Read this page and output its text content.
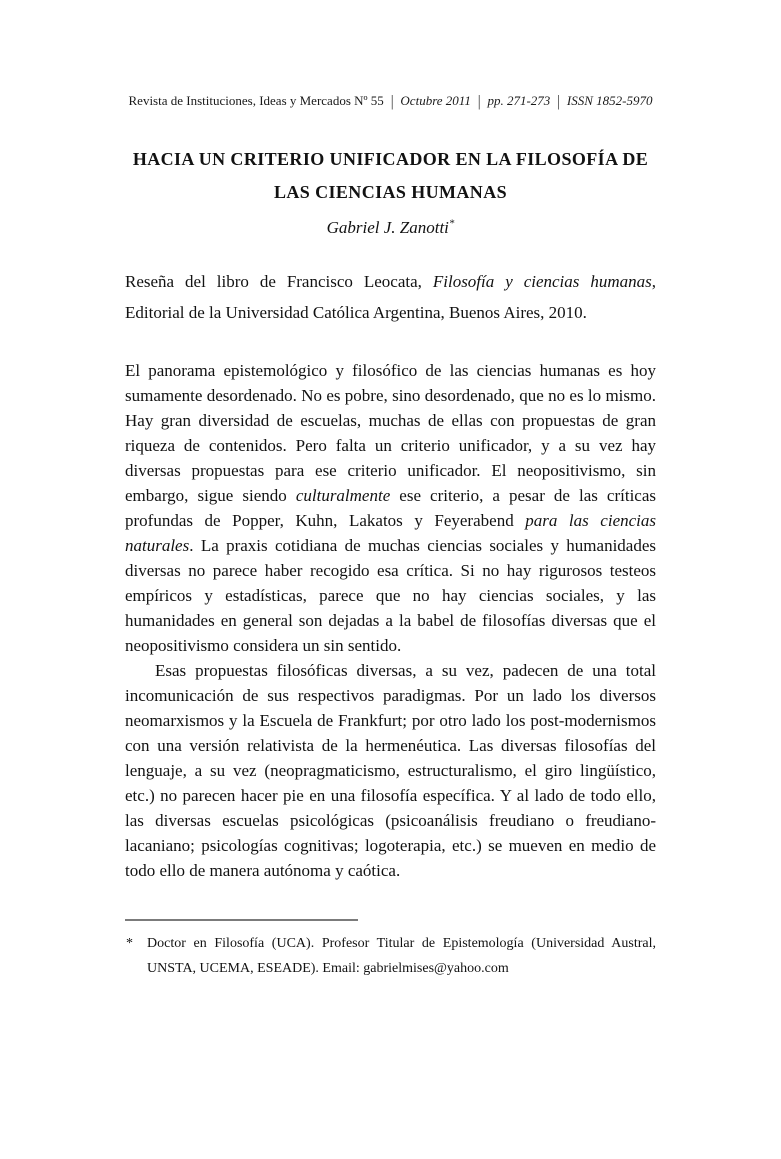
Revista de Instituciones, Ideas y Mercados Nº 55 | Octubre 2011 | pp. 271-273 | ISSN 1852-5970
HACIA UN CRITERIO UNIFICADOR EN LA FILOSOFÍA DE
LAS CIENCIAS HUMANAS
Gabriel J. Zanotti*

Reseña del libro de Francisco Leocata, Filosofía y ciencias humanas, Editorial de la Universidad Católica Argentina, Buenos Aires, 2010.

El panorama epistemológico y filosófico de las ciencias humanas es hoy sumamente desordenado. No es pobre, sino desordenado, que no es lo mismo. Hay gran diversidad de escuelas, muchas de ellas con propuestas de gran riqueza de contenidos. Pero falta un criterio unificador, y a su vez hay diversas propuestas para ese criterio unificador. El neopositivismo, sin embargo, sigue siendo culturalmente ese criterio, a pesar de las críticas profundas de Popper, Kuhn, Lakatos y Feyerabend para las ciencias naturales. La praxis cotidiana de muchas ciencias sociales y humanidades diversas no parece haber recogido esa crítica. Si no hay rigurosos testeos empíricos y estadísticas, parece que no hay ciencias sociales, y las humanidades en general son dejadas a la babel de filosofías diversas que el neopositivismo considera un sin sentido.

Esas propuestas filosóficas diversas, a su vez, padecen de una total incomunicación de sus respectivos paradigmas. Por un lado los diversos neomarxismos y la Escuela de Frankfurt; por otro lado los post-modernismos con una versión relativista de la hermenéutica. Las diversas filosofías del lenguaje, a su vez (neopragmaticismo, estructuralismo, el giro lingüístico, etc.) no parecen hacer pie en una filosofía específica. Y al lado de todo ello, las diversas escuelas psicológicas (psicoanálisis freudiano o freudiano-lacaniano; psicologías cognitivas; logoterapia, etc.) se mueven en medio de todo ello de manera autónoma y caótica.

* Doctor en Filosofía (UCA). Profesor Titular de Epistemología (Universidad Austral, UNSTA, UCEMA, ESEADE). Email: gabrielmises@yahoo.com
